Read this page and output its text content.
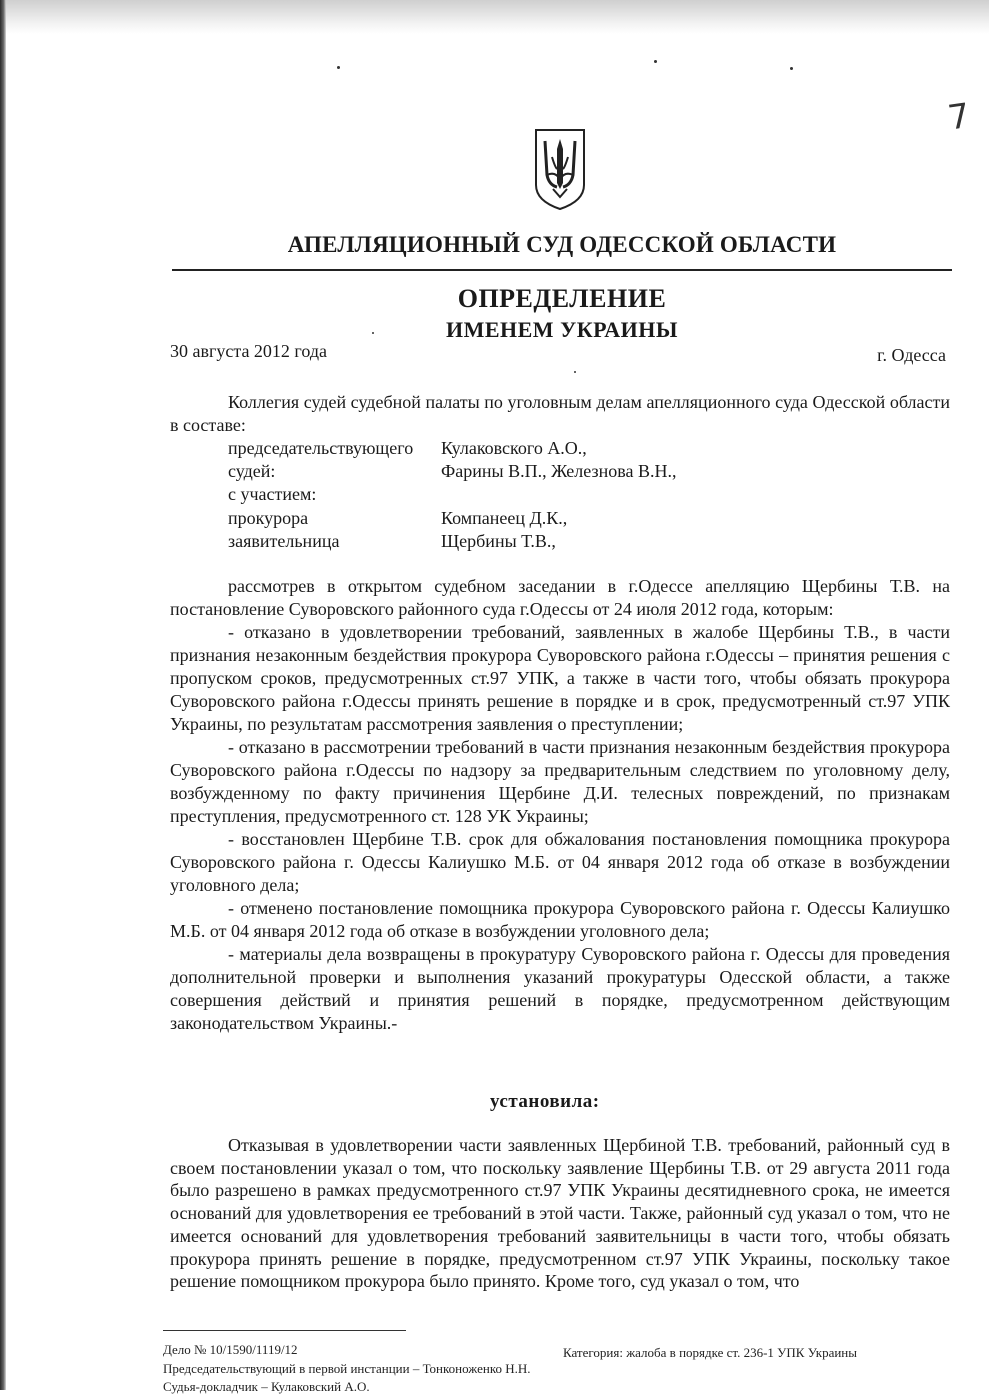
7
АПЕЛЛЯЦИОННЫЙ СУД ОДЕССКОЙ ОБЛАСТИ
ОПРЕДЕЛЕНИЕ
ИМЕНЕМ УКРАИНЫ
30 августа 2012 года	г. Одесса

Коллегия судей судебной палаты по уголовным делам апелляционного суда Одесской области в составе:

председательствующего Кулаковского А.О.,
судей:	Фарины В.П., Железнова В.Н.,
с участием:
прокурора	Компанеец Д.К.,
заявительница	Щербины Т.В.,

рассмотрев в открытом судебном заседании в г.Одессе апелляцию Щербины Т.В. на постановление Суворовского районного суда г.Одессы от 24 июля 2012 года, которым:

- отказано в удовлетворении требований, заявленных в жалобе Щербины Т.В., в части признания незаконным бездействия прокурора Суворовского района г.Одессы – принятия решения с пропуском сроков, предусмотренных ст.97 УПК, а также в части того, чтобы обязать прокурора Суворовского района г.Одессы принять решение в порядке и в срок, предусмотренный ст.97 УПК Украины, по результатам рассмотрения заявления о преступлении;

- отказано в рассмотрении требований в части признания незаконным бездействия прокурора Суворовского района г.Одессы по надзору за предварительным следствием по уголовному делу, возбужденному по факту причинения Щербине Д.И. телесных повреждений, по признакам преступления, предусмотренного ст. 128 УК Украины;

- восстановлен Щербине Т.В. срок для обжалования постановления помощника прокурора Суворовского района г. Одессы Калиушко М.Б. от 04 января 2012 года об отказе в возбуждении уголовного дела;

- отменено постановление помощника прокурора Суворовского района г. Одессы Калиушко М.Б. от 04 января 2012 года об отказе в возбуждении уголовного дела;

- материалы дела возвращены в прокуратуру Суворовского района г. Одессы для проведения дополнительной проверки и выполнения указаний прокуратуры Одесской области, а также совершения действий и принятия решений в порядке, предусмотренном действующим законодательством Украины.-

установила:

Отказывая в удовлетворении части заявленных Щербиной Т.В. требований, районный суд в своем постановлении указал о том, что поскольку заявление Щербины Т.В. от 29 августа 2011 года было разрешено в рамках предусмотренного ст.97 УПК Украины десятидневного срока, не имеется оснований для удовлетворения ее требований в этой части. Также, районный суд указал о том, что не имеется оснований для удовлетворения требований заявительницы в части того, чтобы обязать прокурора принять решение в порядке, предусмотренном ст.97 УПК Украины, поскольку такое решение помощником прокурора было принято. Кроме того, суд указал о том, что

Дело № 10/1590/1119/12	Категория: жалоба в порядке ст. 236-1 УПК Украины
Председательствующий в первой инстанции – Тонконоженко Н.Н.
Судья-докладчик – Кулаковский А.О.
